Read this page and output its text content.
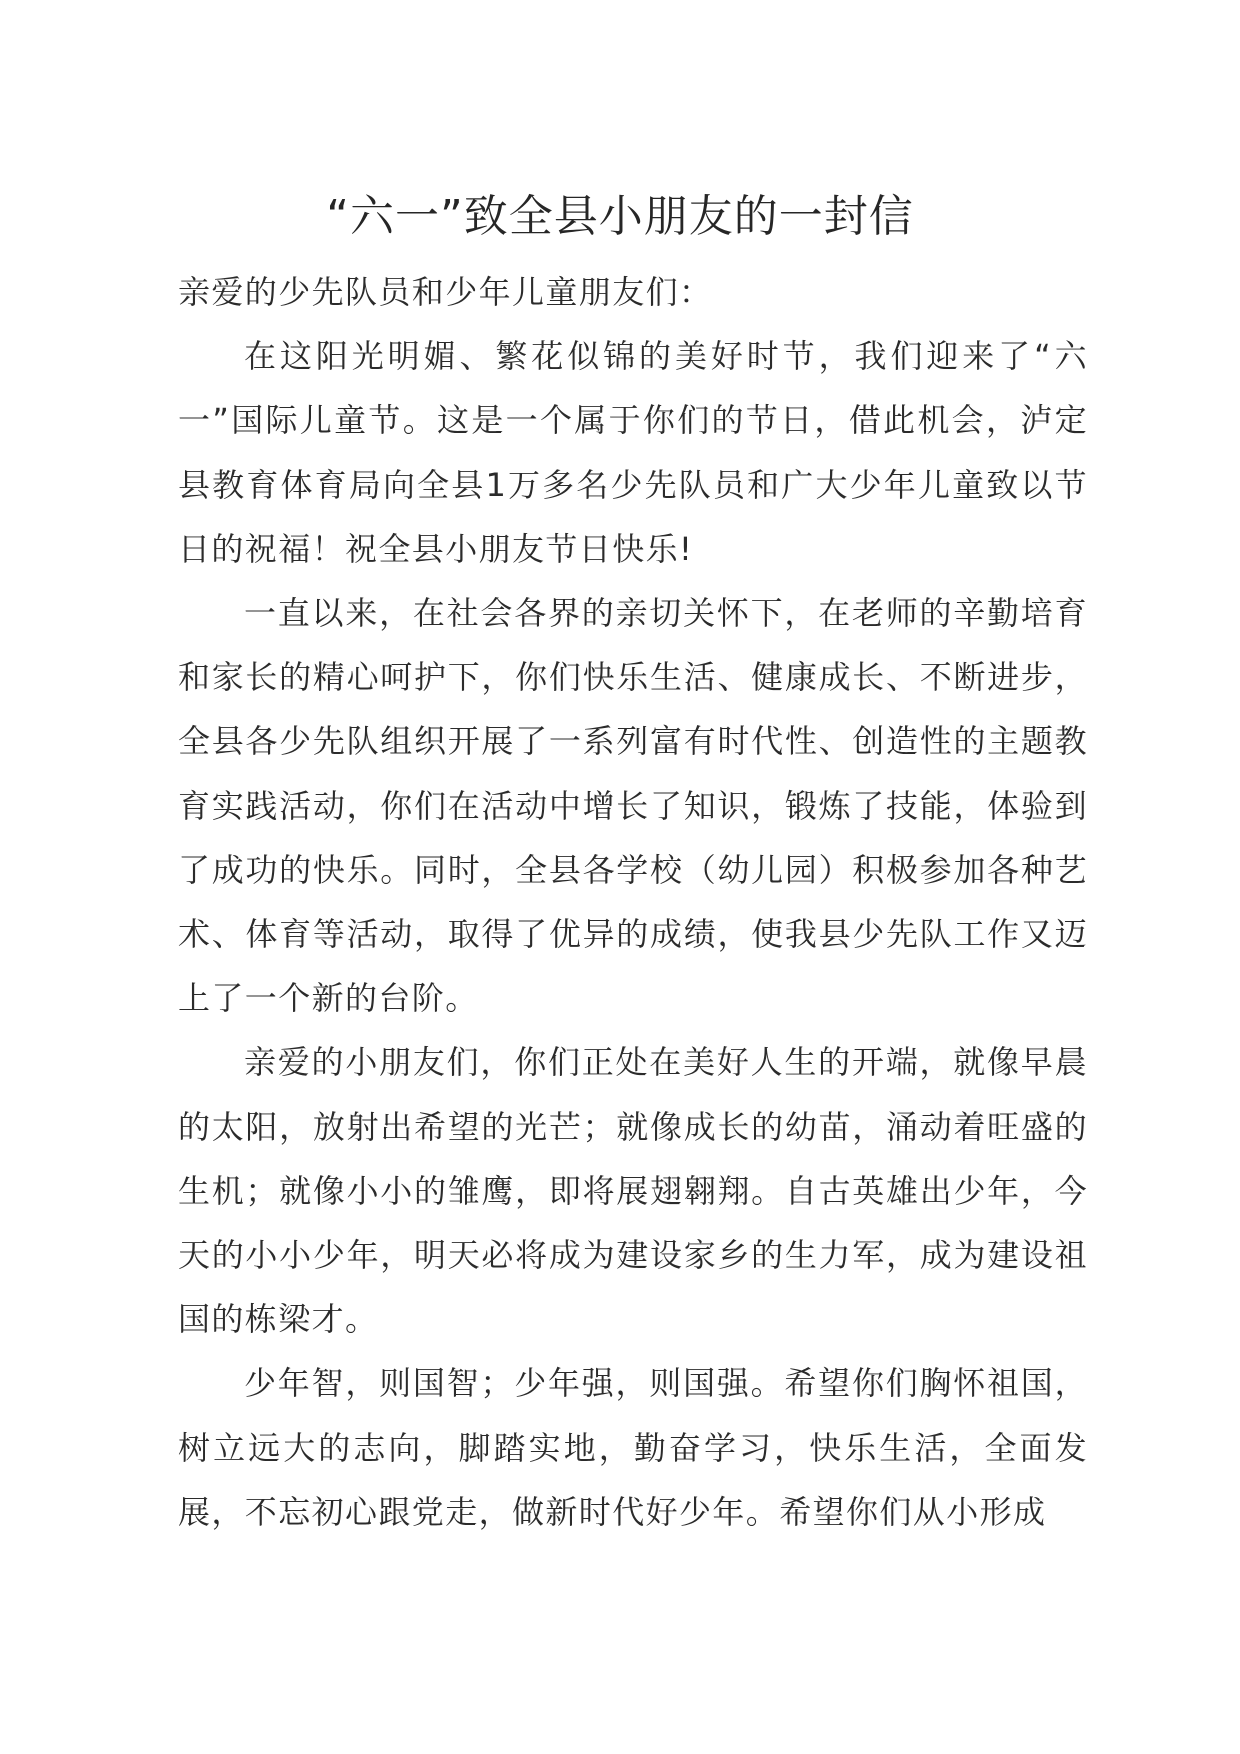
“六一”致全县小朋友的一封信

亲爱的少先队员和少年儿童朋友们：

在这阳光明媚、繁花似锦的美好时节，我们迎来了“六一”国际儿童节。这是一个属于你们的节日，借此机会，泸定县教育体育局向全县1万多名少先队员和广大少年儿童致以节日的祝福！祝全县小朋友节日快乐!

一直以来，在社会各界的亲切关怀下，在老师的辛勤培育和家长的精心呵护下，你们快乐生活、健康成长、不断进步，全县各少先队组织开展了一系列富有时代性、创造性的主题教育实践活动，你们在活动中增长了知识，锻炼了技能，体验到了成功的快乐。同时，全县各学校（幼儿园）积极参加各种艺术、体育等活动，取得了优异的成绩，使我县少先队工作又迈上了一个新的台阶。

亲爱的小朋友们，你们正处在美好人生的开端，就像早晨的太阳，放射出希望的光芒；就像成长的幼苗，涌动着旺盛的生机；就像小小的雏鹰，即将展翅翱翔。自古英雄出少年，今天的小小少年，明天必将成为建设家乡的生力军，成为建设祖国的栋梁才。

少年智，则国智；少年强，则国强。希望你们胸怀祖国，树立远大的志向，脚踏实地，勤奋学习，快乐生活，全面发展，不忘初心跟党走，做新时代好少年。希望你们从小形成
